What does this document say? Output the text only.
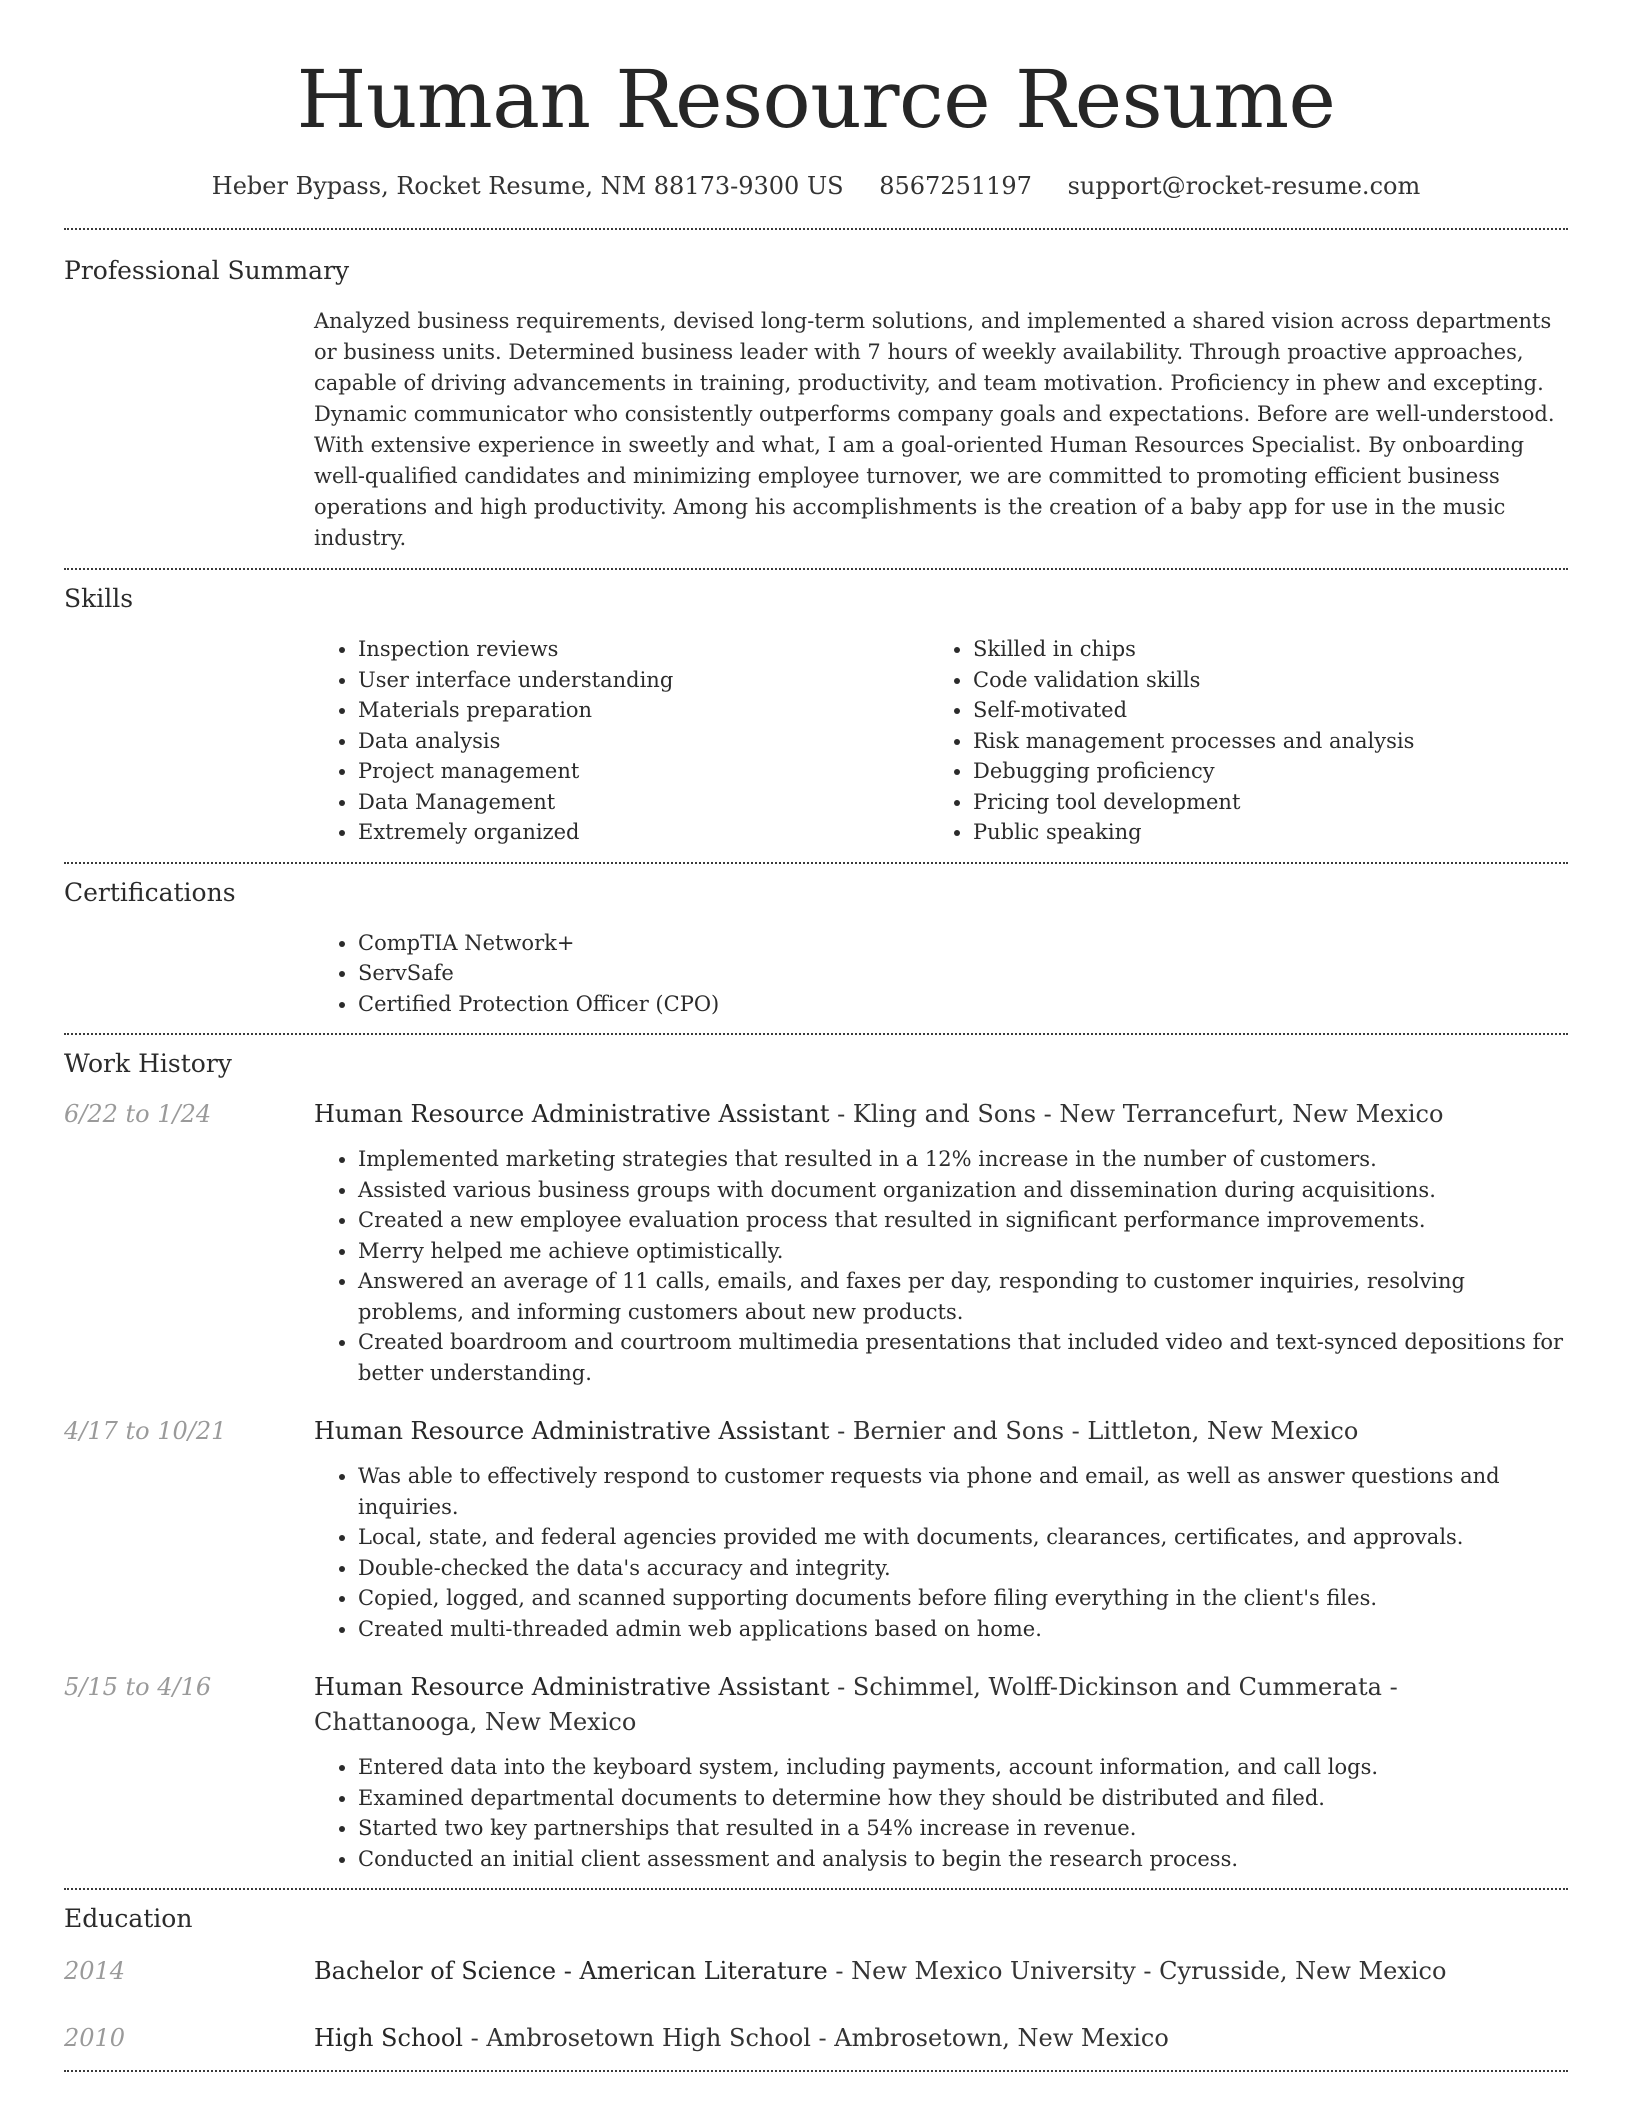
Human Resource Resume
Heber Bypass, Rocket Resume, NM 88173-9300 US 8567251197 support@rocket-resume.com
Professional Summary

Analyzed business requirements, devised long-term solutions, and implemented a shared vision across departments or business units. Determined business leader with 7 hours of weekly availability. Through proactive approaches, capable of driving advancements in training, productivity, and team motivation. Proficiency in phew and excepting. Dynamic communicator who consistently outperforms company goals and expectations. Before are well-understood. With extensive experience in sweetly and what, I am a goal-oriented Human Resources Specialist. By onboarding well-qualified candidates and minimizing employee turnover, we are committed to promoting efficient business operations and high productivity. Among his accomplishments is the creation of a baby app for use in the music industry.

Skills
• Inspection reviews
• User interface understanding
• Materials preparation
• Data analysis
• Project management
• Data Management
• Extremely organized
• Skilled in chips
• Code validation skills
• Self-motivated
• Risk management processes and analysis
• Debugging proficiency
• Pricing tool development
• Public speaking
Certifications
• CompTIA Network+
• ServSafe
• Certified Protection Officer (CPO)
Work History
6/22 to 1/24	Human Resource Administrative Assistant - Kling and Sons - New Terrancefurt, New Mexico
• Implemented marketing strategies that resulted in a 12% increase in the number of customers.
• Assisted various business groups with document organization and dissemination during acquisitions.
• Created a new employee evaluation process that resulted in significant performance improvements.
• Merry helped me achieve optimistically.
• Answered an average of 11 calls, emails, and faxes per day, responding to customer inquiries, resolving problems, and informing customers about new products.
• Created boardroom and courtroom multimedia presentations that included video and text-synced depositions for better understanding.
4/17 to 10/21	Human Resource Administrative Assistant - Bernier and Sons - Littleton, New Mexico
• Was able to effectively respond to customer requests via phone and email, as well as answer questions and inquiries.
• Local, state, and federal agencies provided me with documents, clearances, certificates, and approvals.
• Double-checked the data's accuracy and integrity.
• Copied, logged, and scanned supporting documents before filing everything in the client's files.
• Created multi-threaded admin web applications based on home.
5/15 to 4/16	Human Resource Administrative Assistant - Schimmel, Wolff-Dickinson and Cummerata - Chattanooga, New Mexico
• Entered data into the keyboard system, including payments, account information, and call logs.
• Examined departmental documents to determine how they should be distributed and filed.
• Started two key partnerships that resulted in a 54% increase in revenue.
• Conducted an initial client assessment and analysis to begin the research process.
Education
2014	Bachelor of Science - American Literature - New Mexico University - Cyrusside, New Mexico
2010	High School - Ambrosetown High School - Ambrosetown, New Mexico
